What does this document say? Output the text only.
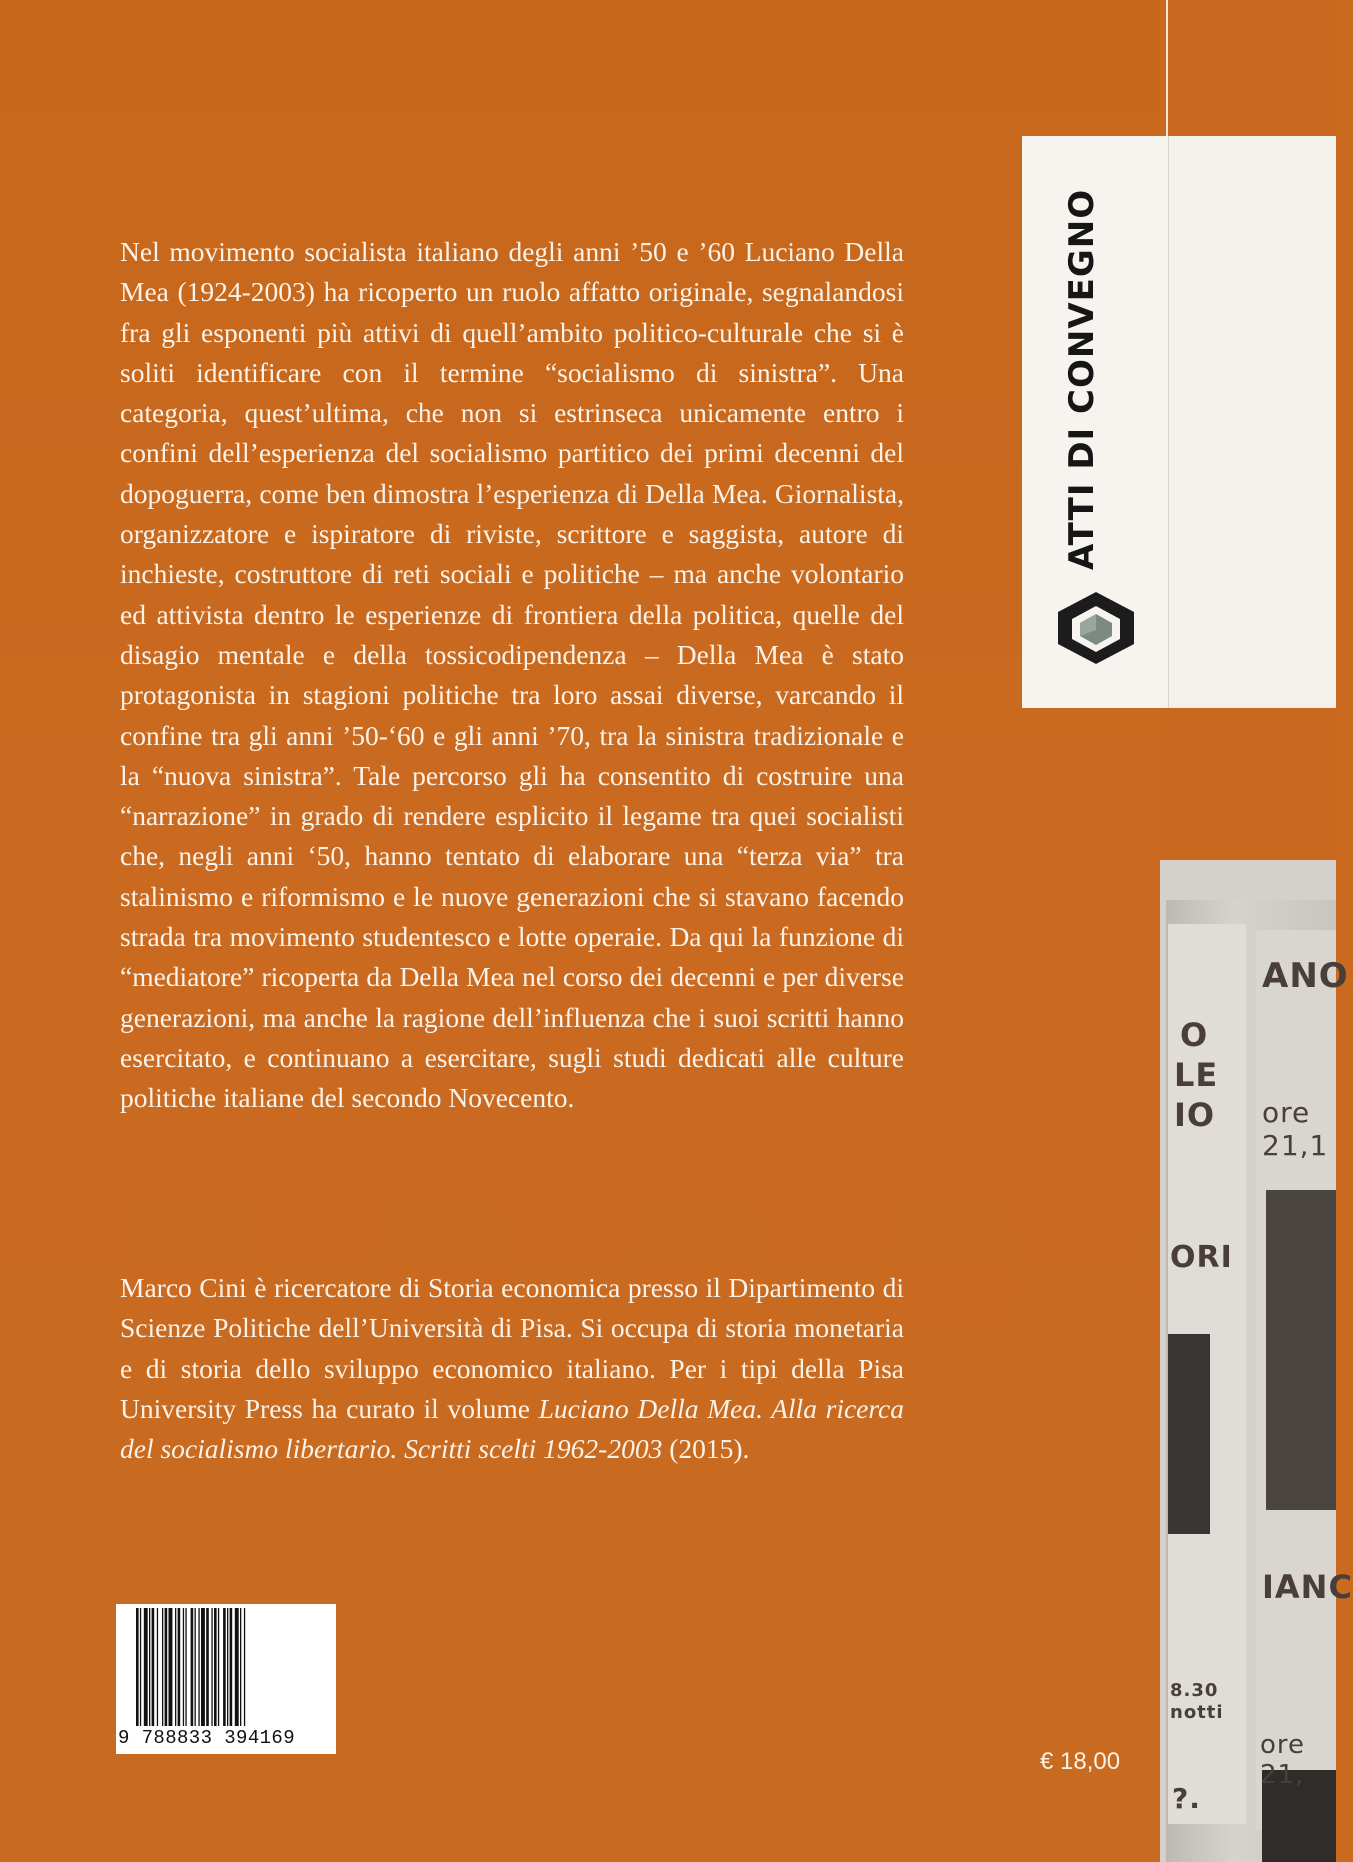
ANO
O
LE
IO ore 21,1
ORI
IANC
8.30
notti
ore 21,
?.
ATTI DI CONVEGNO

Nel movimento socialista italiano degli anni ’50 e ’60 Luciano Della Mea (1924-2003) ha ricoperto un ruolo affatto originale, segnalandosi fra gli esponenti più attivi di quell’ambito politico-culturale che si è soliti identificare con il termine “socialismo di sinistra”. Una categoria, quest’ultima, che non si estrinseca unicamente entro i confini dell’esperienza del socialismo partitico dei primi decenni del dopoguerra, come ben dimostra l’esperienza di Della Mea. Giornalista, organizzatore e ispiratore di riviste, scrittore e saggista, autore di inchieste, costruttore di reti sociali e politiche – ma anche volontario ed attivista dentro le esperienze di frontiera della politica, quelle del disagio mentale e della tossicodipendenza – Della Mea è stato protagonista in stagioni politiche tra loro assai diverse, varcando il confine tra gli anni ’50-‘60 e gli anni ’70, tra la sinistra tradizionale e la “nuova sinistra”. Tale percorso gli ha consentito di costruire una “narrazione” in grado di rendere esplicito il legame tra quei socialisti che, negli anni ‘50, hanno tentato di elaborare una “terza via” tra stalinismo e riformismo e le nuove generazioni che si stavano facendo strada tra movimento studentesco e lotte operaie. Da qui la funzione di “mediatore” ricoperta da Della Mea nel corso dei decenni e per diverse generazioni, ma anche la ragione dell’influenza che i suoi scritti hanno esercitato, e continuano a esercitare, sugli studi dedicati alle culture politiche italiane del secondo Novecento.

Marco Cini è ricercatore di Storia economica presso il Dipartimento di Scienze Politiche dell’Università di Pisa. Si occupa di storia monetaria e di storia dello sviluppo economico italiano. Per i tipi della Pisa University Press ha curato il volume Luciano Della Mea. Alla ricerca del socialismo libertario. Scritti scelti 1962-2003 (2015).

9 788833 394169
€ 18,00
